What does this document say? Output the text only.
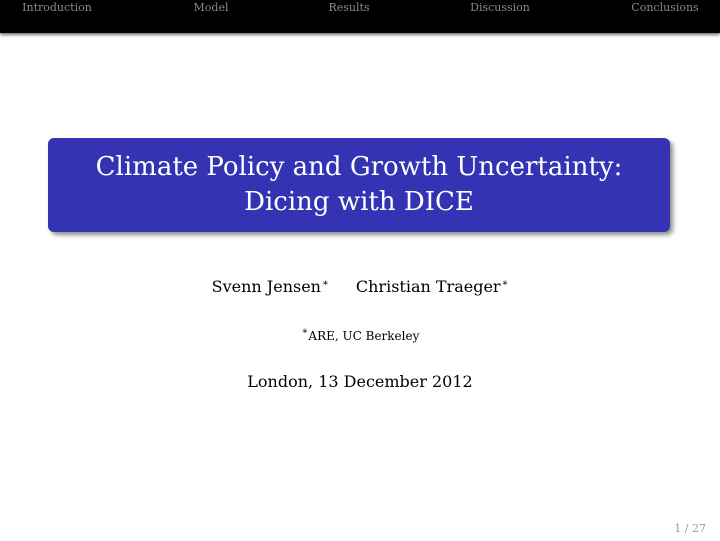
Introduction	Model	Results	Discussion	Conclusions
Climate Policy and Growth Uncertainty:
Dicing with DICE
Svenn Jensen∗ Christian Traeger∗
∗ARE, UC Berkeley
London, 13 December 2012
1 / 27
